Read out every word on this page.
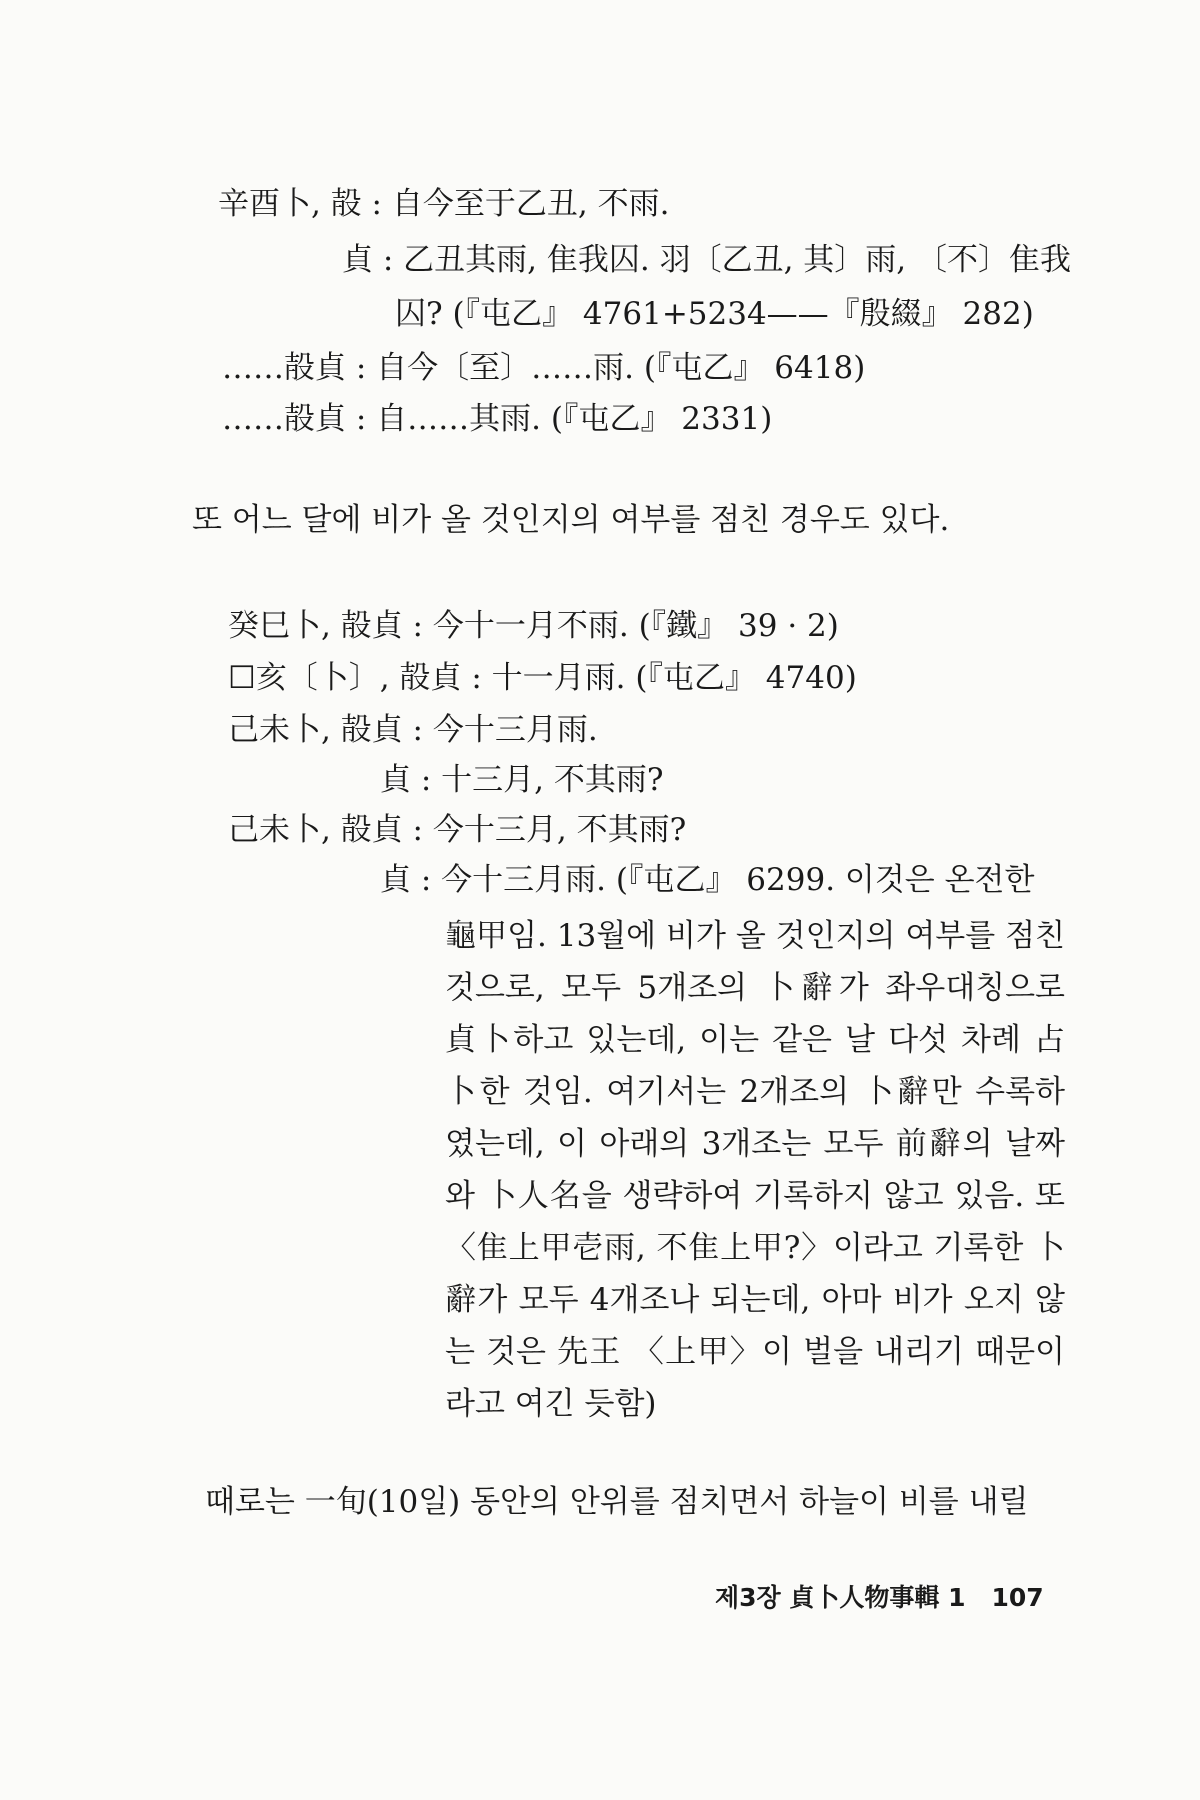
辛酉卜, 㱿 : 自今至于乙丑, 不雨.
貞 : 乙丑其雨, 隹我囚. 羽〔乙丑, 其〕雨, 〔不〕隹我
囚? (『屯乙』 4761+5234——『殷綴』 282)
……㱿貞 : 自今〔至〕……雨. (『屯乙』 6418)
……㱿貞 : 自……其雨. (『屯乙』 2331)
또 어느 달에 비가 올 것인지의 여부를 점친 경우도 있다.
癸巳卜, 㱿貞 : 今十一月不雨. (『鐵』 39 · 2)
☐亥〔卜〕, 㱿貞 : 十一月雨. (『屯乙』 4740)
己未卜, 㱿貞 : 今十三月雨.
貞 : 十三月, 不其雨?
己未卜, 㱿貞 : 今十三月, 不其雨?
貞 : 今十三月雨. (『屯乙』 6299. 이것은 온전한
龜甲임. 13월에 비가 올 것인지의 여부를 점친 것으로, 모두 5개조의 卜辭가 좌우대칭으로 貞卜하고 있는데, 이는 같은 날 다섯 차례 占卜한 것임. 여기서는 2개조의 卜辭만 수록하였는데, 이 아래의 3개조는 모두 前辭의 날짜와 卜人名을 생략하여 기록하지 않고 있음. 또 〈隹上甲壱雨, 不隹上甲?〉이라고 기록한 卜辭가 모두 4개조나 되는데, 아마 비가 오지 않는 것은 先王 〈上甲〉이 벌을 내리기 때문이라고 여긴 듯함)
때로는 一旬(10일) 동안의 안위를 점치면서 하늘이 비를 내릴
제3장 貞卜人物事輯 1 107
